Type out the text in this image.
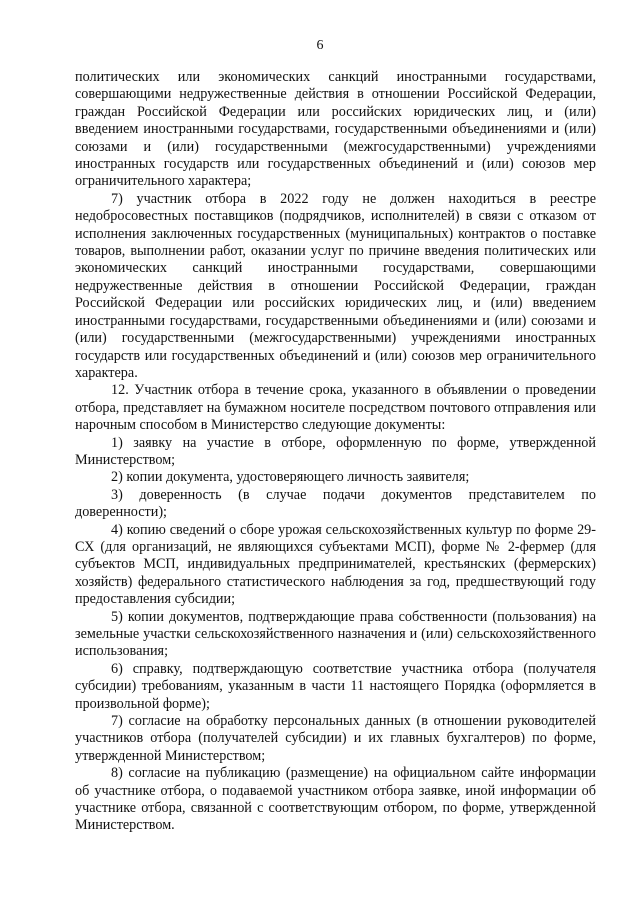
6

политических или экономических санкций иностранными государствами, совершающими недружественные действия в отношении Российской Федерации, граждан Российской Федерации или российских юридических лиц, и (или) введением иностранными государствами, государственными объединениями и (или) союзами и (или) государственными (межгосударственными) учреждениями иностранных государств или государственных объединений и (или) союзов мер ограничительного характера;

7) участник отбора в 2022 году не должен находиться в реестре недобросовестных поставщиков (подрядчиков, исполнителей) в связи с отказом от исполнения заключенных государственных (муниципальных) контрактов о поставке товаров, выполнении работ, оказании услуг по причине введения политических или экономических санкций иностранными государствами, совершающими недружественные действия в отношении Российской Федерации, граждан Российской Федерации или российских юридических лиц, и (или) введением иностранными государствами, государственными объединениями и (или) союзами и (или) государственными (межгосударственными) учреждениями иностранных государств или государственных объединений и (или) союзов мер ограничительного характера.

12. Участник отбора в течение срока, указанного в объявлении о проведении отбора, представляет на бумажном носителе посредством почтового отправления или нарочным способом в Министерство следующие документы:

1) заявку на участие в отборе, оформленную по форме, утвержденной Министерством;

2) копии документа, удостоверяющего личность заявителя;

3) доверенность (в случае подачи документов представителем по доверенности);

4) копию сведений о сборе урожая сельскохозяйственных культур по форме 29-СХ (для организаций, не являющихся субъектами МСП), форме № 2-фермер (для субъектов МСП, индивидуальных предпринимателей, крестьянских (фермерских) хозяйств) федерального статистического наблюдения за год, предшествующий году предоставления субсидии;

5) копии документов, подтверждающие права собственности (пользования) на земельные участки сельскохозяйственного назначения и (или) сельскохозяйственного использования;

6) справку, подтверждающую соответствие участника отбора (получателя субсидии) требованиям, указанным в части 11 настоящего Порядка (оформляется в произвольной форме);

7) согласие на обработку персональных данных (в отношении руководителей участников отбора (получателей субсидии) и их главных бухгалтеров) по форме, утвержденной Министерством;

8) согласие на публикацию (размещение) на официальном сайте информации об участнике отбора, о подаваемой участником отбора заявке, иной информации об участнике отбора, связанной с соответствующим отбором, по форме, утвержденной Министерством.
